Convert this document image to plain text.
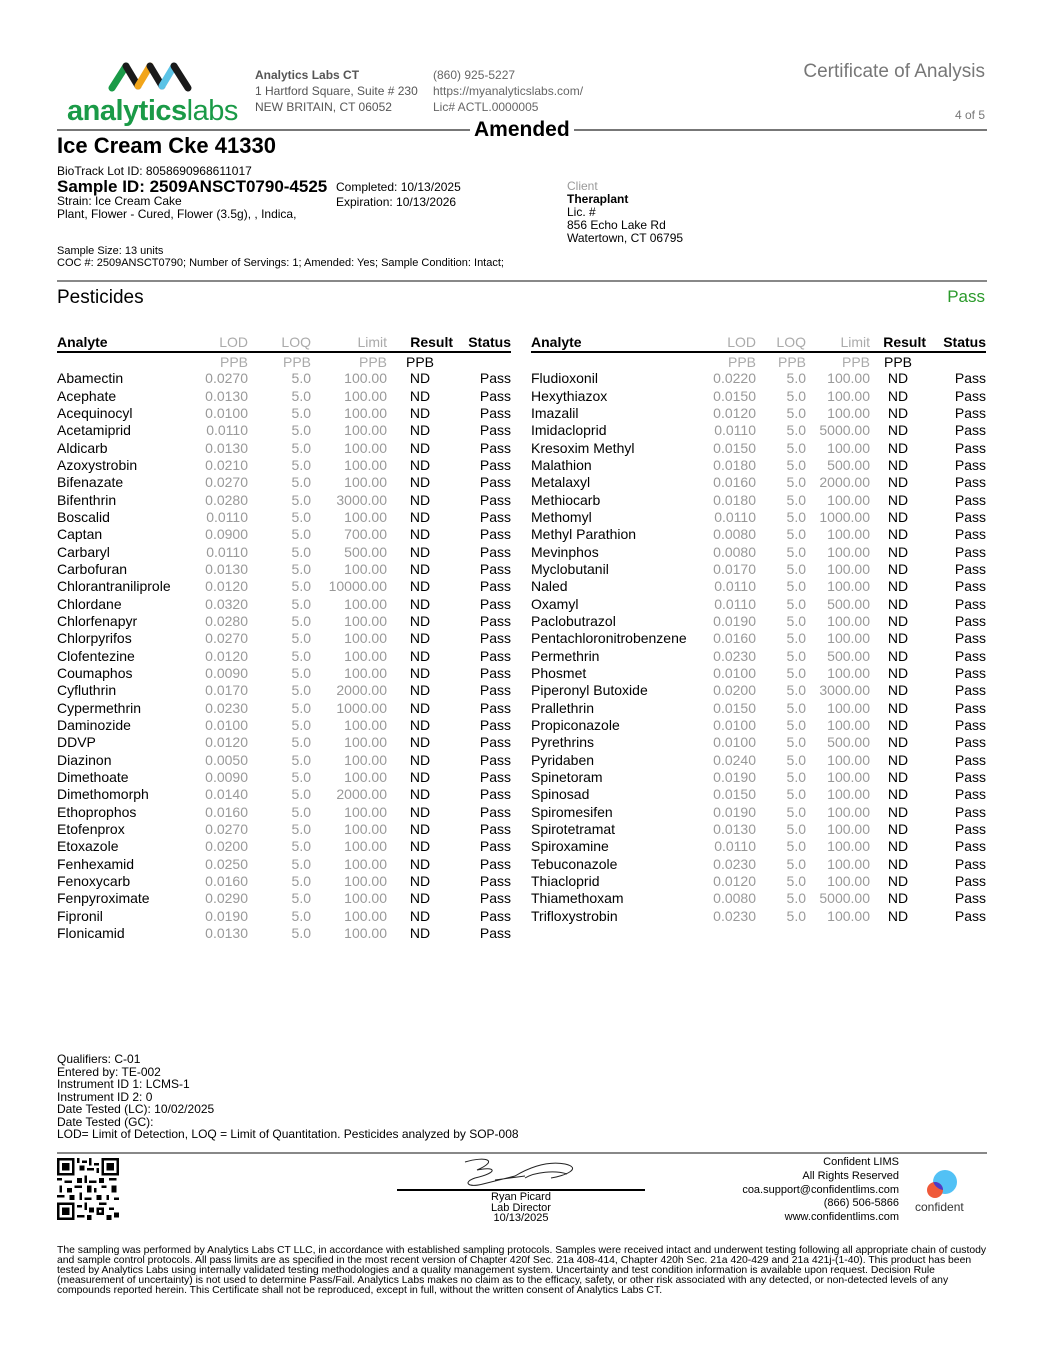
analyticslabs
Analytics Labs CT
1 Hartford Square, Suite # 230
NEW BRITAIN, CT 06052
(860) 925-5227
https://myanalyticslabs.com/
Lic# ACTL.0000005
Certificate of Analysis
4 of 5
Amended
Ice Cream Cke 41330
BioTrack Lot ID: 8058690968611017
Sample ID: 2509ANSCT0790-4525 Completed: 10/13/2025
Expiration: 10/13/2026
Strain: Ice Cream Cake
Plant, Flower - Cured, Flower (3.5g), , Indica,
Client
Theraplant
Lic. #
856 Echo Lake Rd
Watertown, CT 06795
Sample Size: 13 units
COC #: 2509ANSCT0790; Number of Servings: 1; Amended: Yes; Sample Condition: Intact;
Pesticides	Pass
Analyte	LOD	LOQ	Limit	Result	Status
	PPB	PPB	PPB	PPB	
Abamectin	0.0270	5.0	100.00	ND	Pass
Acephate	0.0130	5.0	100.00	ND	Pass
Acequinocyl	0.0100	5.0	100.00	ND	Pass
Acetamiprid	0.0110	5.0	100.00	ND	Pass
Aldicarb	0.0130	5.0	100.00	ND	Pass
Azoxystrobin	0.0210	5.0	100.00	ND	Pass
Bifenazate	0.0270	5.0	100.00	ND	Pass
Bifenthrin	0.0280	5.0	3000.00	ND	Pass
Boscalid	0.0110	5.0	100.00	ND	Pass
Captan	0.0900	5.0	700.00	ND	Pass
Carbaryl	0.0110	5.0	500.00	ND	Pass
Carbofuran	0.0130	5.0	100.00	ND	Pass
Chlorantraniliprole	0.0120	5.0	10000.00	ND	Pass
Chlordane	0.0320	5.0	100.00	ND	Pass
Chlorfenapyr	0.0280	5.0	100.00	ND	Pass
Chlorpyrifos	0.0270	5.0	100.00	ND	Pass
Clofentezine	0.0120	5.0	100.00	ND	Pass
Coumaphos	0.0090	5.0	100.00	ND	Pass
Cyfluthrin	0.0170	5.0	2000.00	ND	Pass
Cypermethrin	0.0230	5.0	1000.00	ND	Pass
Daminozide	0.0100	5.0	100.00	ND	Pass
DDVP	0.0120	5.0	100.00	ND	Pass
Diazinon	0.0050	5.0	100.00	ND	Pass
Dimethoate	0.0090	5.0	100.00	ND	Pass
Dimethomorph	0.0140	5.0	2000.00	ND	Pass
Ethoprophos	0.0160	5.0	100.00	ND	Pass
Etofenprox	0.0270	5.0	100.00	ND	Pass
Etoxazole	0.0200	5.0	100.00	ND	Pass
Fenhexamid	0.0250	5.0	100.00	ND	Pass
Fenoxycarb	0.0160	5.0	100.00	ND	Pass
Fenpyroximate	0.0290	5.0	100.00	ND	Pass
Fipronil	0.0190	5.0	100.00	ND	Pass
Flonicamid	0.0130	5.0	100.00	ND	Pass
Analyte	LOD	LOQ	Limit	Result	Status
	PPB	PPB	PPB	PPB	
Fludioxonil	0.0220	5.0	100.00	ND	Pass
Hexythiazox	0.0150	5.0	100.00	ND	Pass
Imazalil	0.0120	5.0	100.00	ND	Pass
Imidacloprid	0.0110	5.0	5000.00	ND	Pass
Kresoxim Methyl	0.0150	5.0	100.00	ND	Pass
Malathion	0.0180	5.0	500.00	ND	Pass
Metalaxyl	0.0160	5.0	2000.00	ND	Pass
Methiocarb	0.0180	5.0	100.00	ND	Pass
Methomyl	0.0110	5.0	1000.00	ND	Pass
Methyl Parathion	0.0080	5.0	100.00	ND	Pass
Mevinphos	0.0080	5.0	100.00	ND	Pass
Myclobutanil	0.0170	5.0	100.00	ND	Pass
Naled	0.0110	5.0	100.00	ND	Pass
Oxamyl	0.0110	5.0	500.00	ND	Pass
Paclobutrazol	0.0190	5.0	100.00	ND	Pass
Pentachloronitrobenzene	0.0160	5.0	100.00	ND	Pass
Permethrin	0.0230	5.0	500.00	ND	Pass
Phosmet	0.0100	5.0	100.00	ND	Pass
Piperonyl Butoxide	0.0200	5.0	3000.00	ND	Pass
Prallethrin	0.0150	5.0	100.00	ND	Pass
Propiconazole	0.0100	5.0	100.00	ND	Pass
Pyrethrins	0.0100	5.0	500.00	ND	Pass
Pyridaben	0.0240	5.0	100.00	ND	Pass
Spinetoram	0.0190	5.0	100.00	ND	Pass
Spinosad	0.0150	5.0	100.00	ND	Pass
Spiromesifen	0.0190	5.0	100.00	ND	Pass
Spirotetramat	0.0130	5.0	100.00	ND	Pass
Spiroxamine	0.0110	5.0	100.00	ND	Pass
Tebuconazole	0.0230	5.0	100.00	ND	Pass
Thiacloprid	0.0120	5.0	100.00	ND	Pass
Thiamethoxam	0.0080	5.0	5000.00	ND	Pass
Trifloxystrobin	0.0230	5.0	100.00	ND	Pass
Qualifiers: C-01
Entered by: TE-002
Instrument ID 1: LCMS-1
Instrument ID 2: 0
Date Tested (LC): 10/02/2025
Date Tested (GC):
LOD= Limit of Detection, LOQ = Limit of Quantitation. Pesticides analyzed by SOP-008
Ryan Picard
Lab Director
10/13/2025
Confident LIMS
All Rights Reserved
coa.support@confidentlims.com
(866) 506-5866
www.confidentlims.com
confident
The sampling was performed by Analytics Labs CT LLC, in accordance with established sampling protocols. Samples were received intact and underwent testing following all appropriate chain of custody and sample control protocols. All pass limits are as specified in the most recent version of Chapter 420f Sec. 21a 408-414, Chapter 420h Sec. 21a 420-429 and 21a 421j-(1-40). This product has been tested by Analytics Labs using internally validated testing methodologies and a quality management system. Uncertainty and test condition information is available upon request. Decision Rule (measurement of uncertainty) is not used to determine Pass/Fail. Analytics Labs makes no claim as to the efficacy, safety, or other risk associated with any detected, or non-detected levels of any compounds reported herein. This Certificate shall not be reproduced, except in full, without the written consent of Analytics Labs CT.
